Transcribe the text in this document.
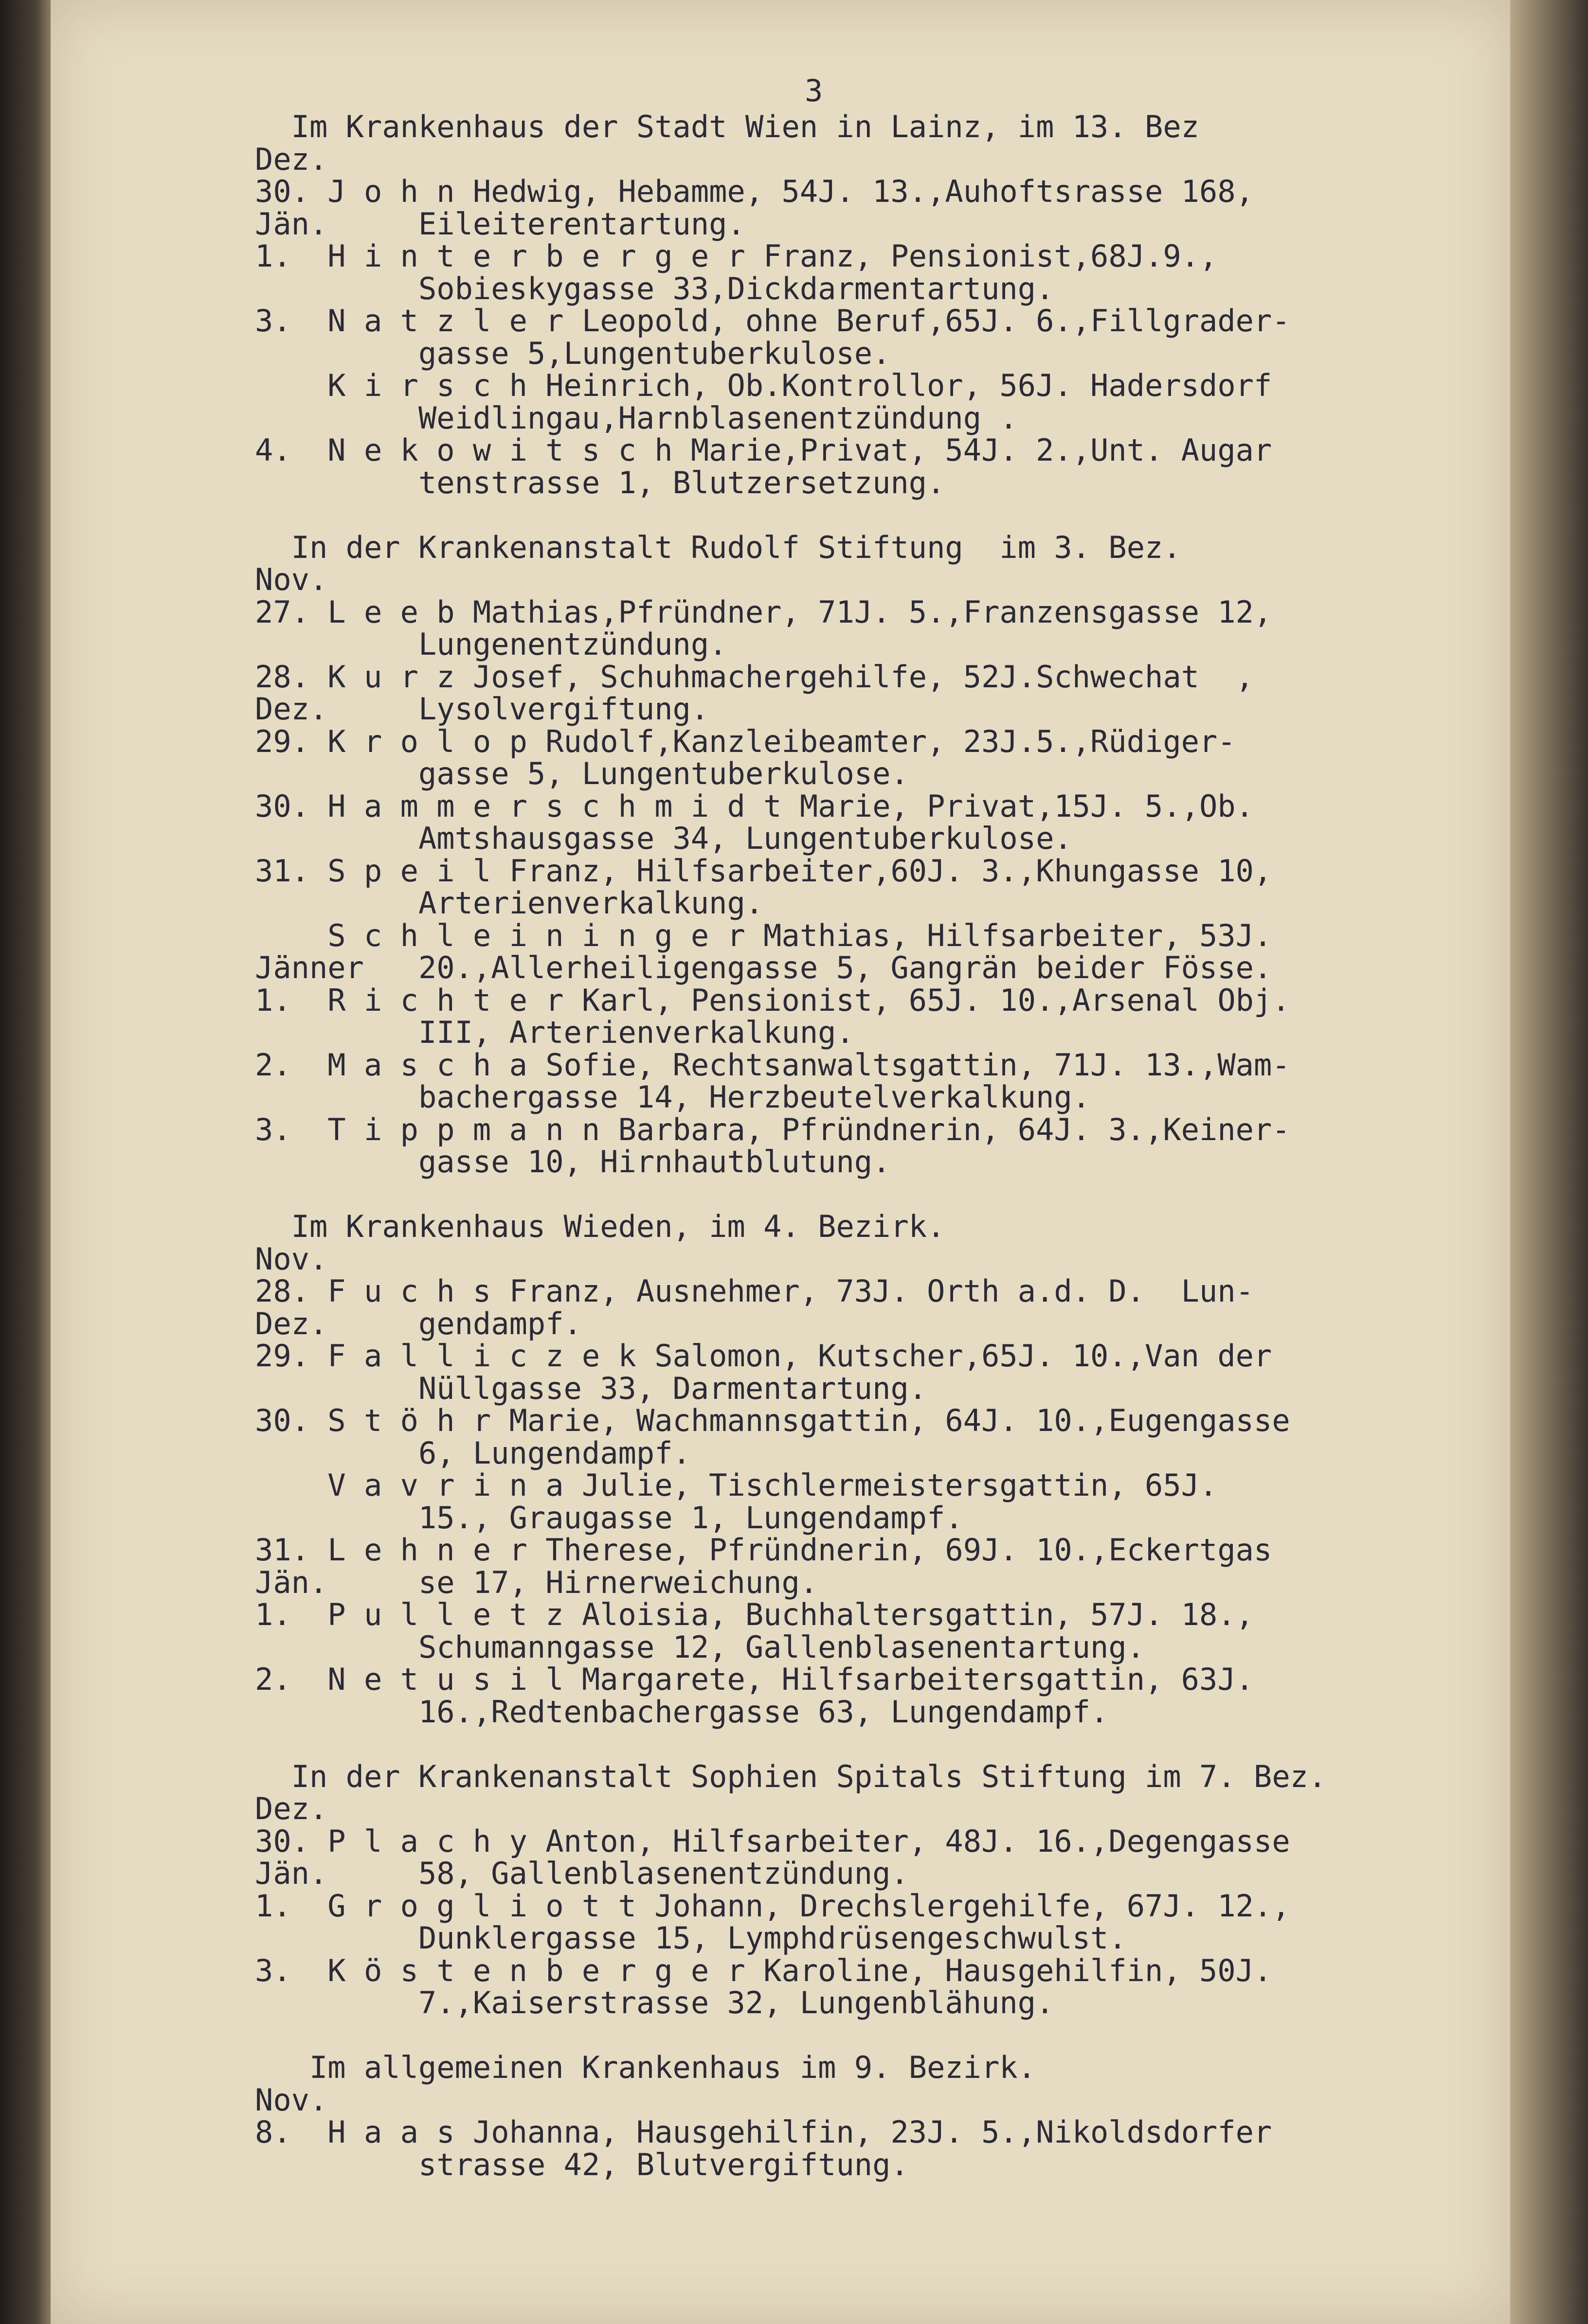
3
Im Krankenhaus der Stadt Wien in Lainz, im 13. Bez
Dez.
30. J o h n Hedwig, Hebamme, 54J. 13.,Auhoftsrasse 168,
Jän.     Eileiterentartung.
1.  H i n t e r b e r g e r Franz, Pensionist,68J.9.,
Sobieskygasse 33,Dickdarmentartung.
3.  N a t z l e r Leopold, ohne Beruf,65J. 6.,Fillgrader-
gasse 5,Lungentuberkulose.
K i r s c h Heinrich, Ob.Kontrollor, 56J. Hadersdorf
Weidlingau,Harnblasenentzündung .
4.  N e k o w i t s c h Marie,Privat, 54J. 2.,Unt. Augar
tenstrasse 1, Blutzersetzung.
In der Krankenanstalt Rudolf Stiftung  im 3. Bez.
Nov.
27. L e e b Mathias,Pfründner, 71J. 5.,Franzensgasse 12,
Lungenentzündung.
28. K u r z Josef, Schuhmachergehilfe, 52J.Schwechat  ,
Dez.     Lysolvergiftung.
29. K r o l o p Rudolf,Kanzleibeamter, 23J.5.,Rüdiger-
gasse 5, Lungentuberkulose.
30. H a m m e r s c h m i d t Marie, Privat,15J. 5.,Ob.
Amtshausgasse 34, Lungentuberkulose.
31. S p e i l Franz, Hilfsarbeiter,60J. 3.,Khungasse 10,
Arterienverkalkung.
S c h l e i n i n g e r Mathias, Hilfsarbeiter, 53J.
Jänner   20.,Allerheiligengasse 5, Gangrän beider Fösse.
1.  R i c h t e r Karl, Pensionist, 65J. 10.,Arsenal Obj.
III, Arterienverkalkung.
2.  M a s c h a Sofie, Rechtsanwaltsgattin, 71J. 13.,Wam-
bachergasse 14, Herzbeutelverkalkung.
3.  T i p p m a n n Barbara, Pfründnerin, 64J. 3.,Keiner-
gasse 10, Hirnhautblutung.
Im Krankenhaus Wieden, im 4. Bezirk.
Nov.
28. F u c h s Franz, Ausnehmer, 73J. Orth a.d. D.  Lun-
Dez.     gendampf.
29. F a l l i c z e k Salomon, Kutscher,65J. 10.,Van der
Nüllgasse 33, Darmentartung.
30. S t ö h r Marie, Wachmannsgattin, 64J. 10.,Eugengasse
6, Lungendampf.
V a v r i n a Julie, Tischlermeistersgattin, 65J.
15., Graugasse 1, Lungendampf.
31. L e h n e r Therese, Pfründnerin, 69J. 10.,Eckertgas
Jän.     se 17, Hirnerweichung.
1.  P u l l e t z Aloisia, Buchhaltersgattin, 57J. 18.,
Schumanngasse 12, Gallenblasenentartung.
2.  N e t u s i l Margarete, Hilfsarbeitersgattin, 63J.
16.,Redtenbachergasse 63, Lungendampf.
In der Krankenanstalt Sophien Spitals Stiftung im 7. Bez.
Dez.
30. P l a c h y Anton, Hilfsarbeiter, 48J. 16.,Degengasse
Jän.     58, Gallenblasenentzündung.
1.  G r o g l i o t t Johann, Drechslergehilfe, 67J. 12.,
Dunklergasse 15, Lymphdrüsengeschwulst.
3.  K ö s t e n b e r g e r Karoline, Hausgehilfin, 50J.
7.,Kaiserstrasse 32, Lungenblähung.
Im allgemeinen Krankenhaus im 9. Bezirk.
Nov.
8.  H a a s Johanna, Hausgehilfin, 23J. 5.,Nikoldsdorfer
strasse 42, Blutvergiftung.
